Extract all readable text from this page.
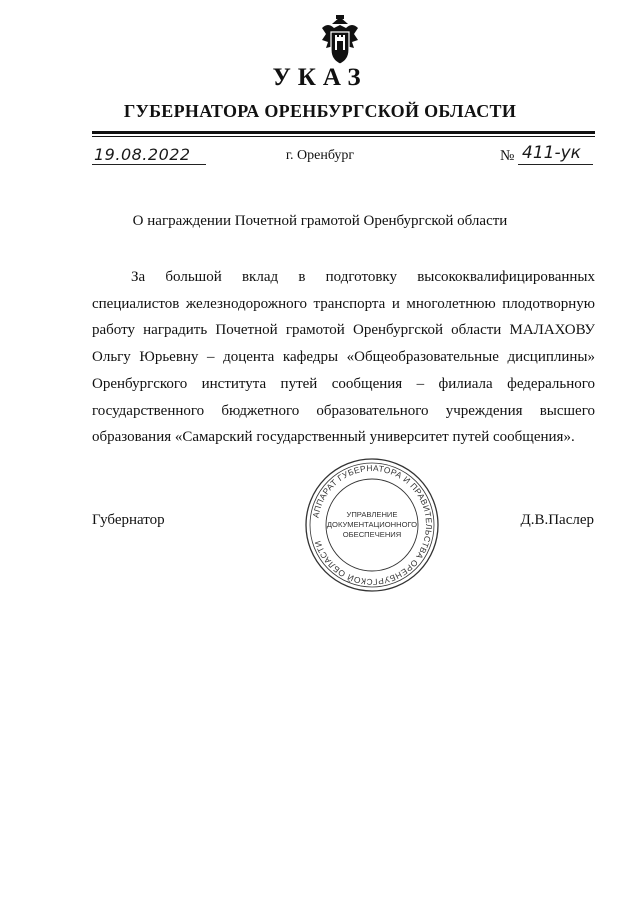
УКАЗ
ГУБЕРНАТОРА ОРЕНБУРГСКОЙ ОБЛАСТИ
19.08.2022	г. Оренбург	№ 411-ук
О награждении Почетной грамотой Оренбургской области

За большой вклад в подготовку высококвалифицированных специалистов железнодорожного транспорта и многолетнюю плодотворную работу наградить Почетной грамотой Оренбургской области МАЛАХОВУ Ольгу Юрьевну – доцента кафедры «Общеобразовательные дисциплины» Оренбургского института путей сообщения – филиала федерального государственного бюджетного образовательного учреждения высшего образования «Самарский государственный университет путей сообщения».

Губернатор	Д.В.Паслер
АППАРАТ ГУБЕРНАТОРА И ПРАВИТЕЛЬСТВА ОРЕНБУРГСКОЙ ОБЛАСТИ
УПРАВЛЕНИЕ
ДОКУМЕНТАЦИОННОГО
ОБЕСПЕЧЕНИЯ
